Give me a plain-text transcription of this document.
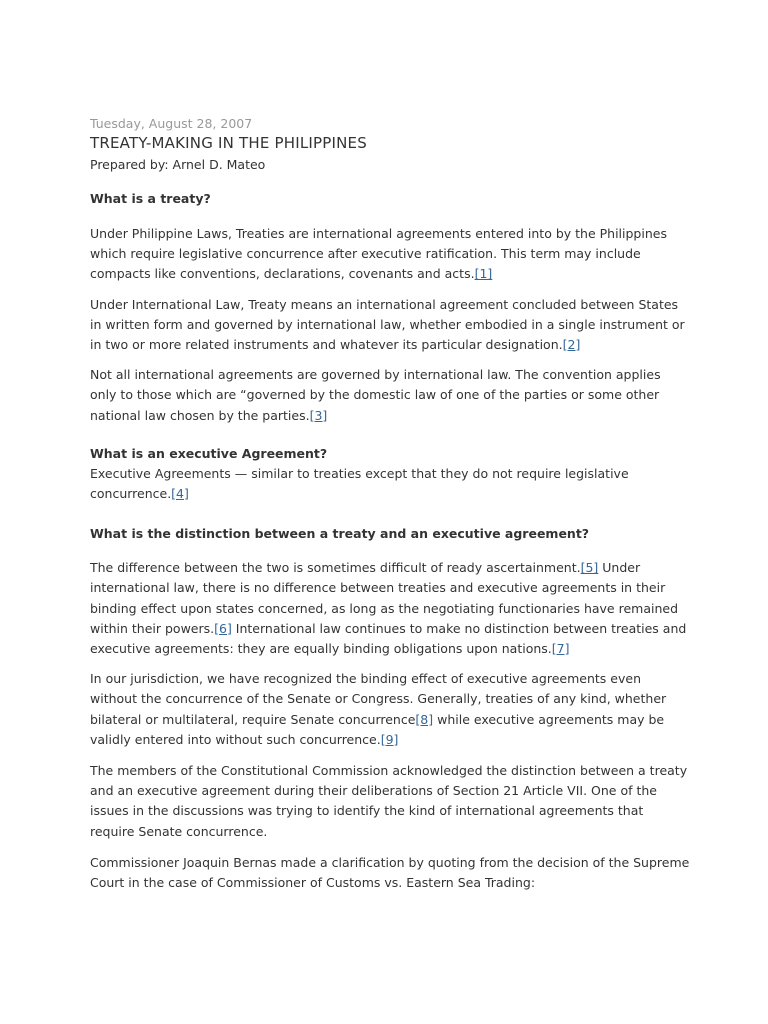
Tuesday, August 28, 2007

TREATY-MAKING IN THE PHILIPPINES

Prepared by: Arnel D. Mateo

What is a treaty?

Under Philippine Laws, Treaties are international agreements entered into by the Philippines which require legislative concurrence after executive ratification. This term may include compacts like conventions, declarations, covenants and acts.[1]

Under International Law, Treaty means an international agreement concluded between States in written form and governed by international law, whether embodied in a single instrument or in two or more related instruments and whatever its particular designation.[2]

Not all international agreements are governed by international law. The convention applies only to those which are “governed by the domestic law of one of the parties or some other national law chosen by the parties.[3]

What is an executive Agreement?

Executive Agreements — similar to treaties except that they do not require legislative concurrence.[4]

What is the distinction between a treaty and an executive agreement?

The difference between the two is sometimes difficult of ready ascertainment.[5] Under international law, there is no difference between treaties and executive agreements in their binding effect upon states concerned, as long as the negotiating functionaries have remained within their powers.[6] International law continues to make no distinction between treaties and executive agreements: they are equally binding obligations upon nations.[7]

In our jurisdiction, we have recognized the binding effect of executive agreements even without the concurrence of the Senate or Congress. Generally, treaties of any kind, whether bilateral or multilateral, require Senate concurrence[8] while executive agreements may be validly entered into without such concurrence.[9]

The members of the Constitutional Commission acknowledged the distinction between a treaty and an executive agreement during their deliberations of Section 21 Article VII. One of the issues in the discussions was trying to identify the kind of international agreements that require Senate concurrence.

Commissioner Joaquin Bernas made a clarification by quoting from the decision of the Supreme Court in the case of Commissioner of Customs vs. Eastern Sea Trading:
